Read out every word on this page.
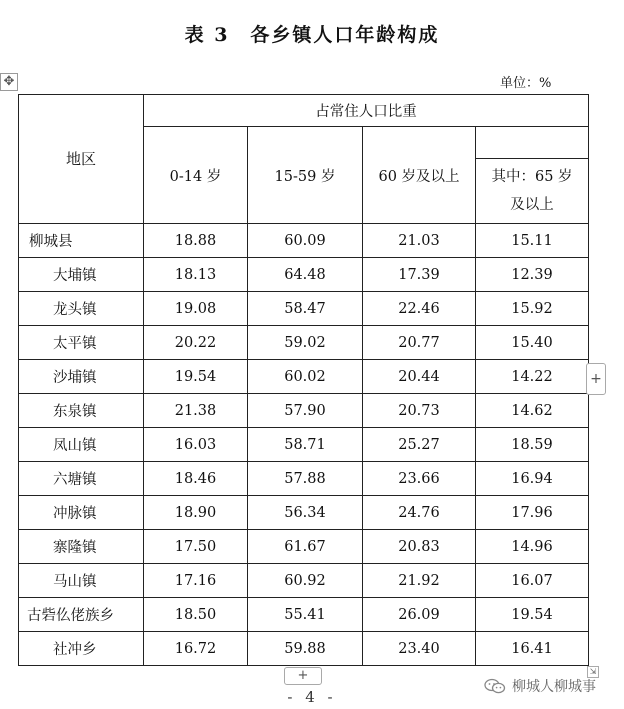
表 3　各乡镇人口年龄构成
单位：%
✥
地区	占常住人口比重			
	0-14 岁	15-59 岁	60 岁及以上	

				其中：65 岁
及以上

柳城县	18.88	60.09	21.03	15.11
大埔镇	18.13	64.48	17.39	12.39
龙头镇	19.08	58.47	22.46	15.92
太平镇	20.22	59.02	20.77	15.40
沙埔镇	19.54	60.02	20.44	14.22
东泉镇	21.38	57.90	20.73	14.62
凤山镇	16.03	58.71	25.27	18.59
六塘镇	18.46	57.88	23.66	16.94
冲脉镇	18.90	56.34	24.76	17.96
寨隆镇	17.50	61.67	20.83	14.96
马山镇	17.16	60.92	21.92	16.07
古砦仫佬族乡	18.50	55.41	26.09	19.54
社冲乡	16.72	59.88	23.40	16.41
+
+	⇲
- 4 -
柳城人柳城事
